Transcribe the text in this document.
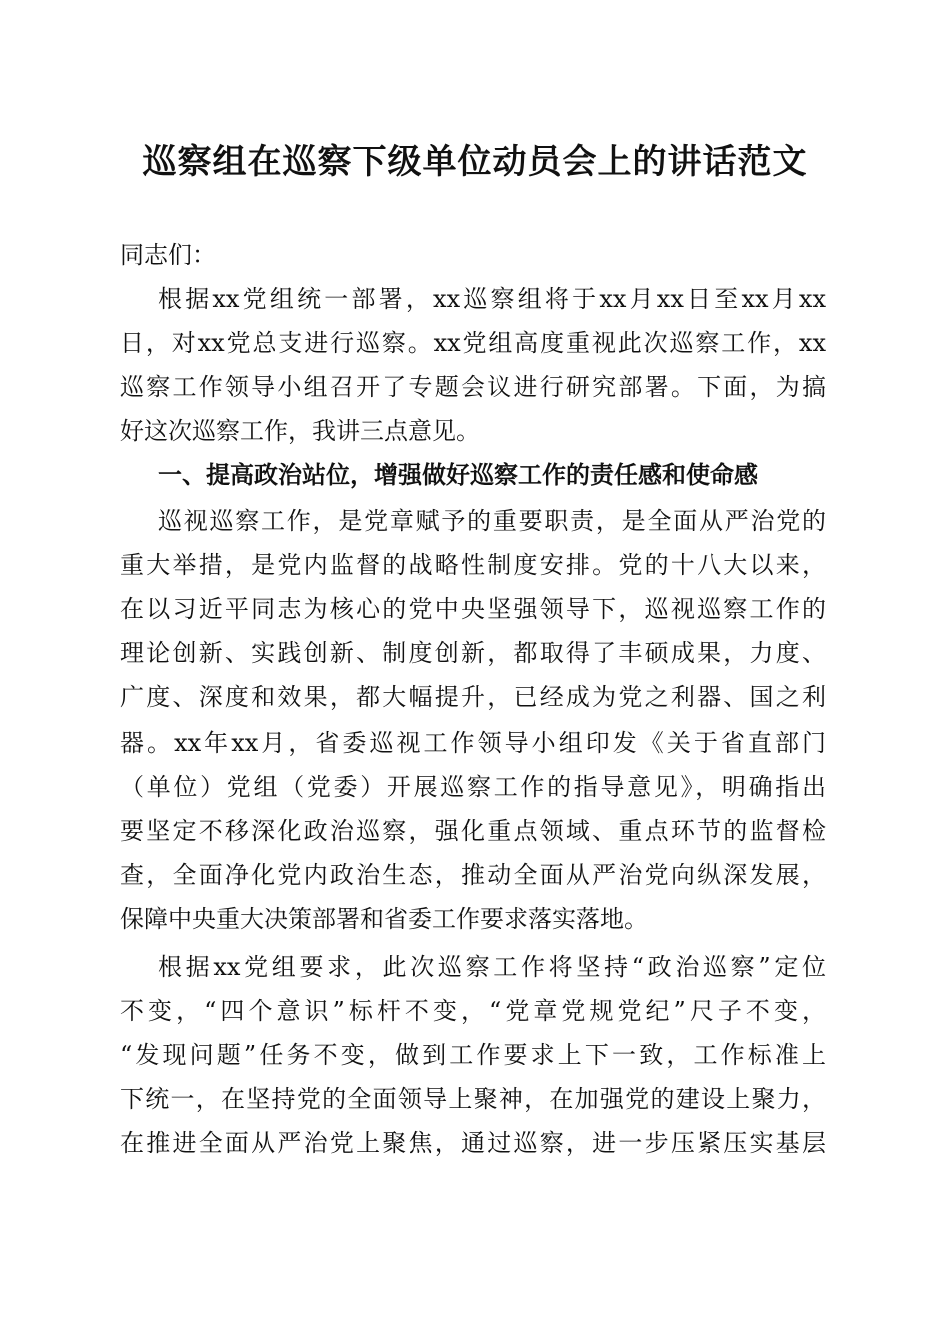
巡察组在巡察下级单位动员会上的讲话范文
同志们：
根据xx党组统一部署，xx巡察组将于xx月xx日至xx月xx
日，对xx党总支进行巡察。xx党组高度重视此次巡察工作，xx
巡察工作领导小组召开了专题会议进行研究部署。下面，为搞
好这次巡察工作，我讲三点意见。
一、提高政治站位，增强做好巡察工作的责任感和使命感
巡视巡察工作，是党章赋予的重要职责，是全面从严治党的
重大举措，是党内监督的战略性制度安排。党的十八大以来，
在以习近平同志为核心的党中央坚强领导下，巡视巡察工作的
理论创新、实践创新、制度创新，都取得了丰硕成果，力度、
广度、深度和效果，都大幅提升，已经成为党之利器、国之利
器。xx年xx月，省委巡视工作领导小组印发《关于省直部门
（单位）党组（党委）开展巡察工作的指导意见》，明确指出
要坚定不移深化政治巡察，强化重点领域、重点环节的监督检
查，全面净化党内政治生态，推动全面从严治党向纵深发展，
保障中央重大决策部署和省委工作要求落实落地。
根据xx党组要求，此次巡察工作将坚持“政治巡察”定位
不变，“四个意识”标杆不变，“党章党规党纪”尺子不变，
“发现问题”任务不变，做到工作要求上下一致，工作标准上
下统一，在坚持党的全面领导上聚神，在加强党的建设上聚力，
在推进全面从严治党上聚焦，通过巡察，进一步压紧压实基层
